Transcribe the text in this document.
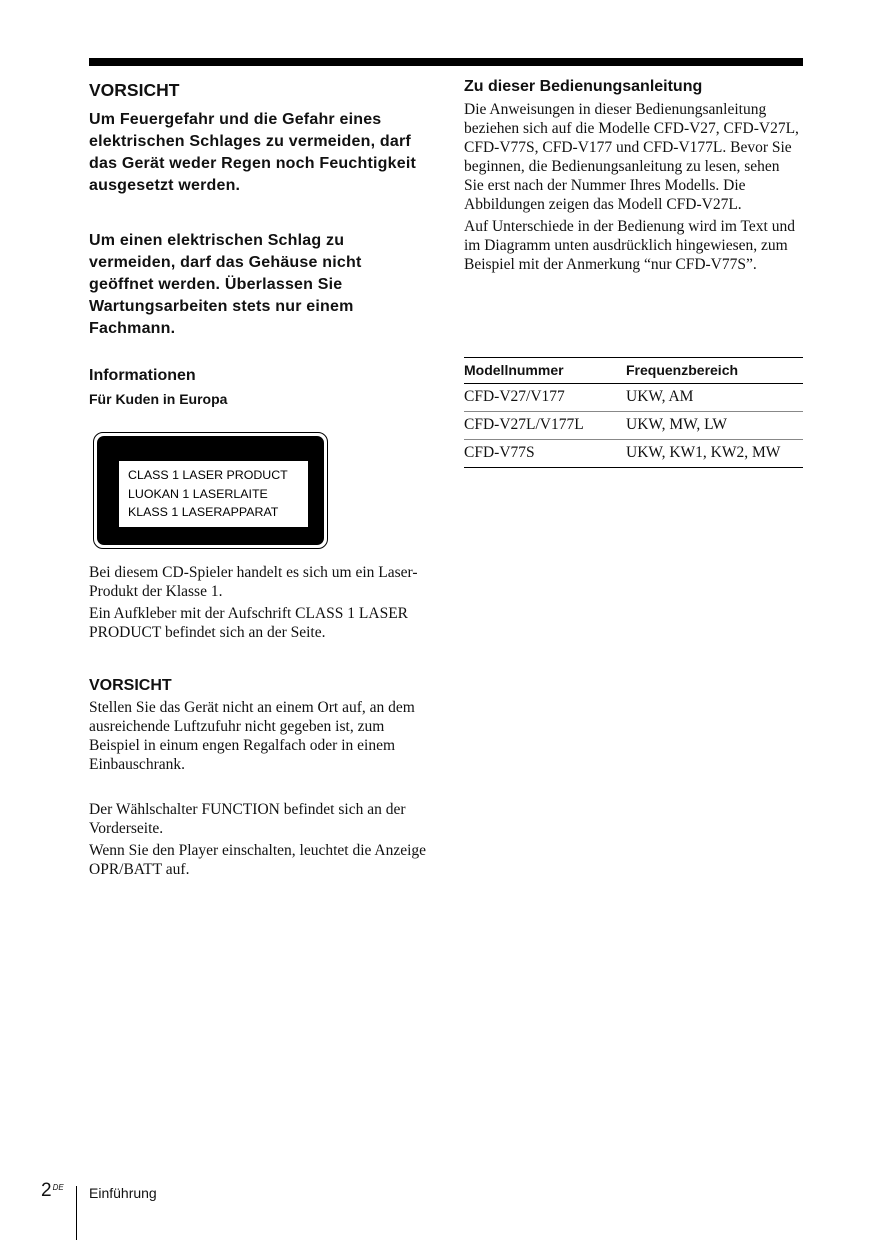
VORSICHT

Um Feuergefahr und die Gefahr eines elektrischen Schlages zu vermeiden, darf das Gerät weder Regen noch Feuchtigkeit ausgesetzt werden.

Um einen elektrischen Schlag zu vermeiden, darf das Gehäuse nicht geöffnet werden. Überlassen Sie Wartungsarbeiten stets nur einem Fachmann.

Informationen
Für Kuden in Europa
CLASS 1 LASER PRODUCT
LUOKAN 1 LASERLAITE
KLASS 1 LASERAPPARAT

Bei diesem CD-Spieler handelt es sich um ein Laser-Produkt der Klasse 1.

Ein Aufkleber mit der Aufschrift CLASS 1 LASER PRODUCT befindet sich an der Seite.

VORSICHT

Stellen Sie das Gerät nicht an einem Ort auf, an dem ausreichende Luftzufuhr nicht gegeben ist, zum Beispiel in einum engen Regalfach oder in einem Einbauschrank.

Der Wählschalter FUNCTION befindet sich an der Vorderseite.

Wenn Sie den Player einschalten, leuchtet die Anzeige OPR/BATT auf.

Zu dieser Bedienungsanleitung

Die Anweisungen in dieser Bedienungsanleitung beziehen sich auf die Modelle CFD-V27, CFD-V27L, CFD-V77S, CFD-V177 und CFD-V177L. Bevor Sie beginnen, die Bedienungsanleitung zu lesen, sehen Sie erst nach der Nummer Ihres Modells. Die Abbildungen zeigen das Modell CFD-V27L.

Auf Unterschiede in der Bedienung wird im Text und im Diagramm unten ausdrücklich hingewiesen, zum Beispiel mit der Anmerkung “nur CFD-V77S”.

Modellnummer	Frequenzbereich
CFD-V27/V177	UKW, AM
CFD-V27L/V177L	UKW, MW, LW
CFD-V77S	UKW, KW1, KW2, MW
2DE Einführung
